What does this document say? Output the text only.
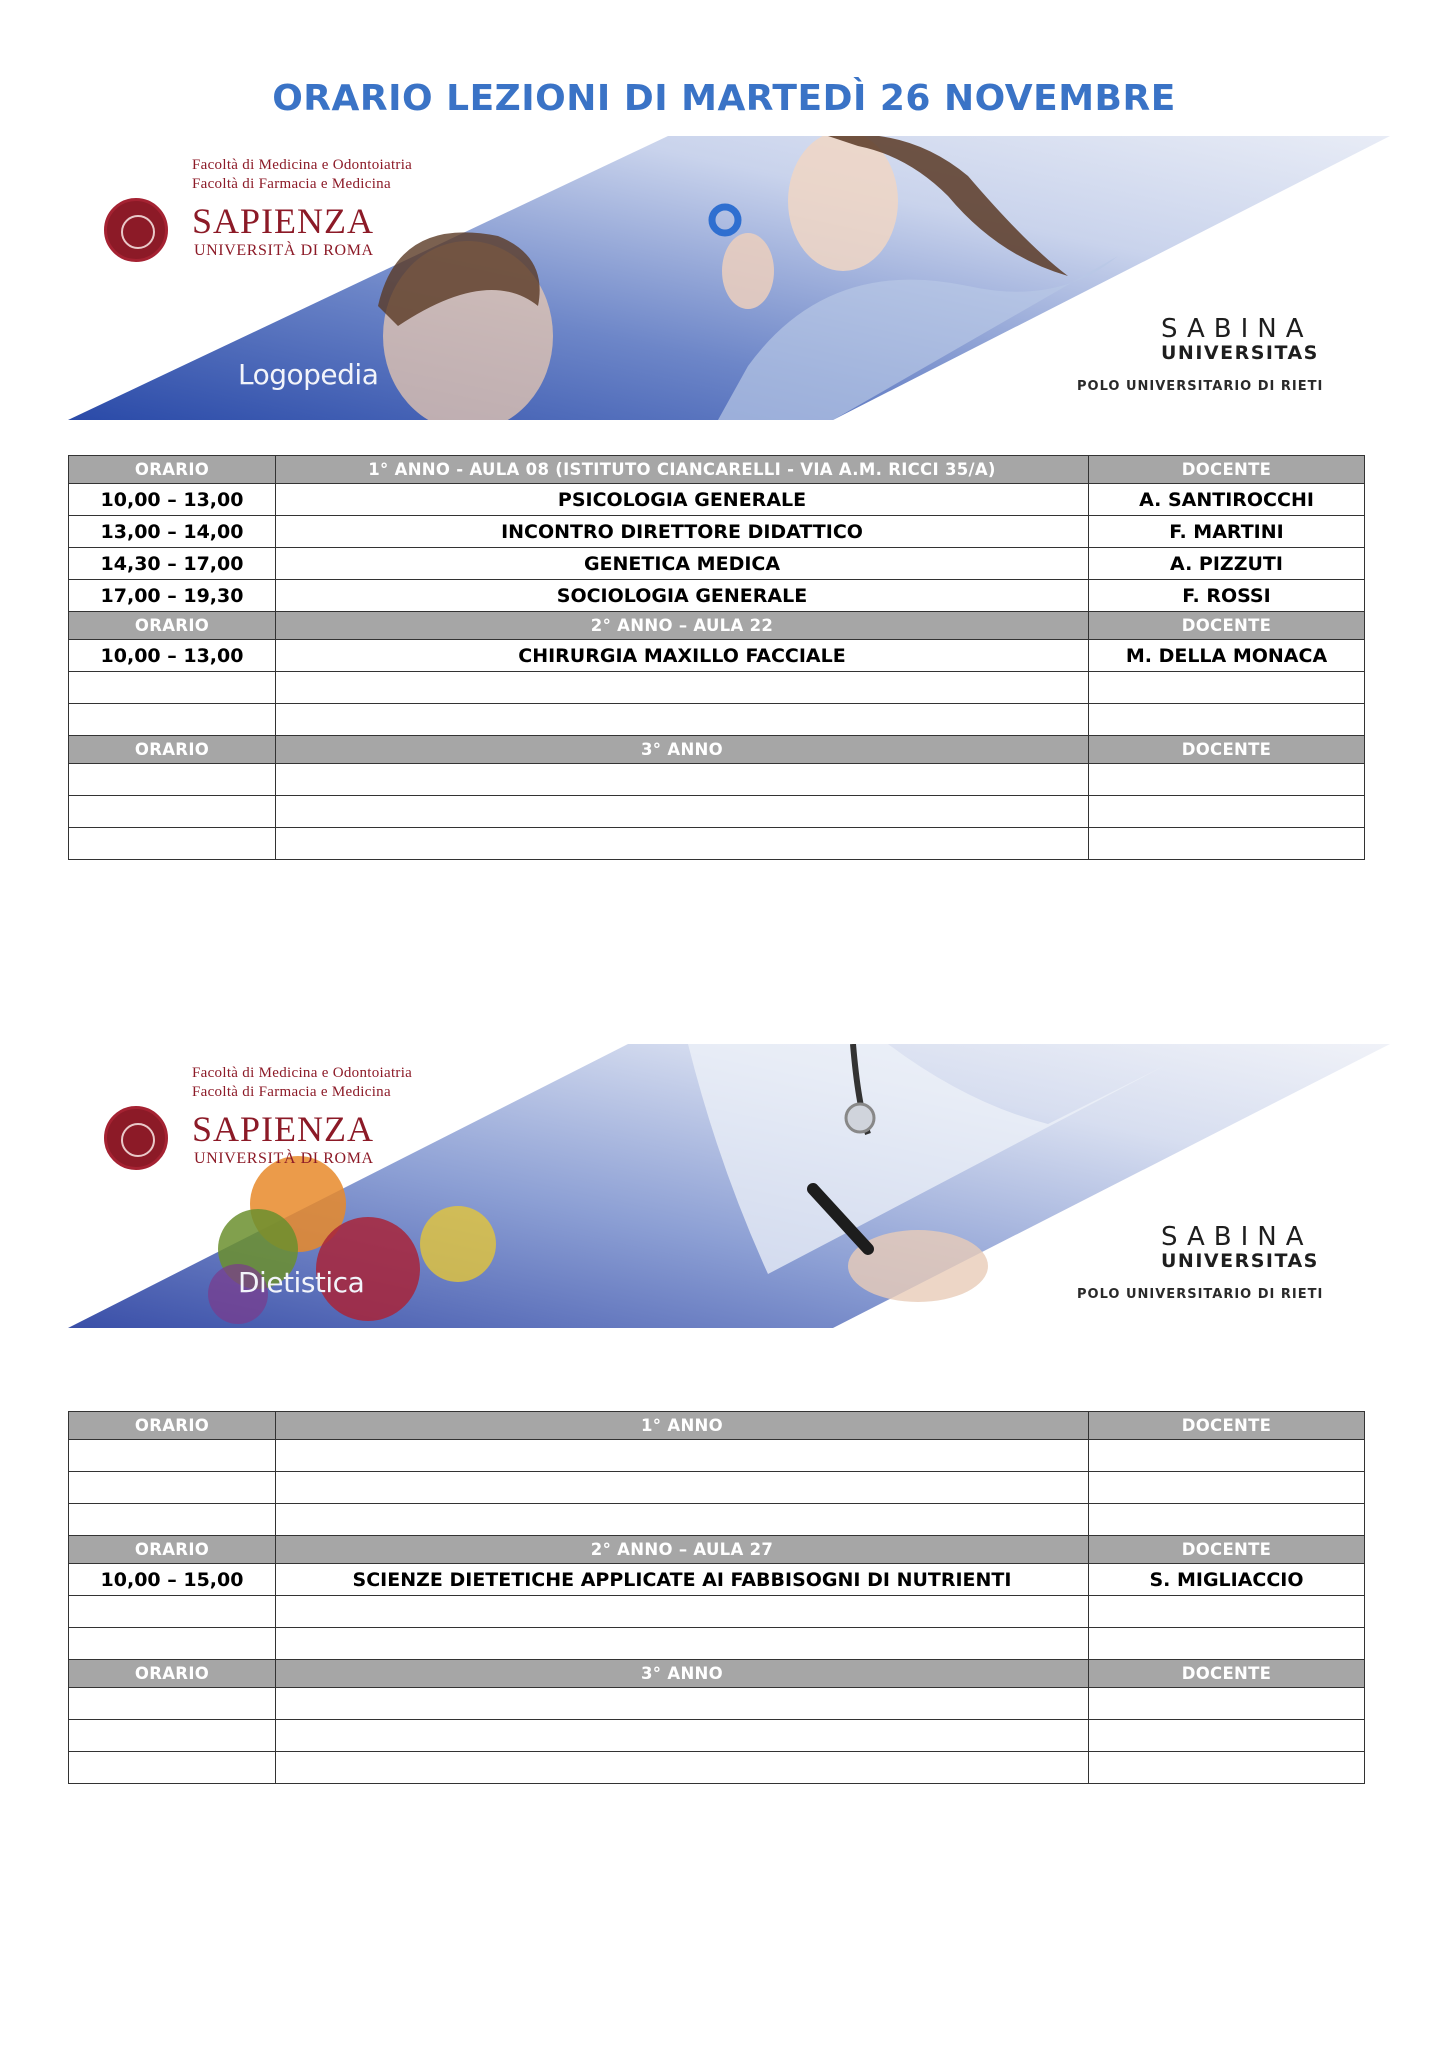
ORARIO LEZIONI DI MARTEDÌ 26 NOVEMBRE
Facoltà di Medicina e Odontoiatria
Facoltà di Farmacia e Medicina
SAPIENZA
UNIVERSITÀ DI ROMA
Logopedia
SABINA
UNIVERSITAS
POLO UNIVERSITARIO DI RIETI
ORARIO	1° ANNO - AULA 08 (ISTITUTO CIANCARELLI - VIA A.M. RICCI 35/A)	DOCENTE
10,00 – 13,00	PSICOLOGIA GENERALE	A. SANTIROCCHI
13,00 – 14,00	INCONTRO DIRETTORE DIDATTICO	F. MARTINI
14,30 – 17,00	GENETICA MEDICA	A. PIZZUTI
17,00 – 19,30	SOCIOLOGIA GENERALE	F. ROSSI
ORARIO	2° ANNO – AULA 22	DOCENTE
10,00 – 13,00	CHIRURGIA MAXILLO FACCIALE	M. DELLA MONACA

ORARIO	3° ANNO	DOCENTE

Facoltà di Medicina e Odontoiatria
Facoltà di Farmacia e Medicina
SAPIENZA
UNIVERSITÀ DI ROMA
Dietistica
SABINA
UNIVERSITAS
POLO UNIVERSITARIO DI RIETI
ORARIO	1° ANNO	DOCENTE

ORARIO	2° ANNO – AULA 27	DOCENTE
10,00 – 15,00	SCIENZE DIETETICHE APPLICATE AI FABBISOGNI DI NUTRIENTI	S. MIGLIACCIO

ORARIO	3° ANNO	DOCENTE
